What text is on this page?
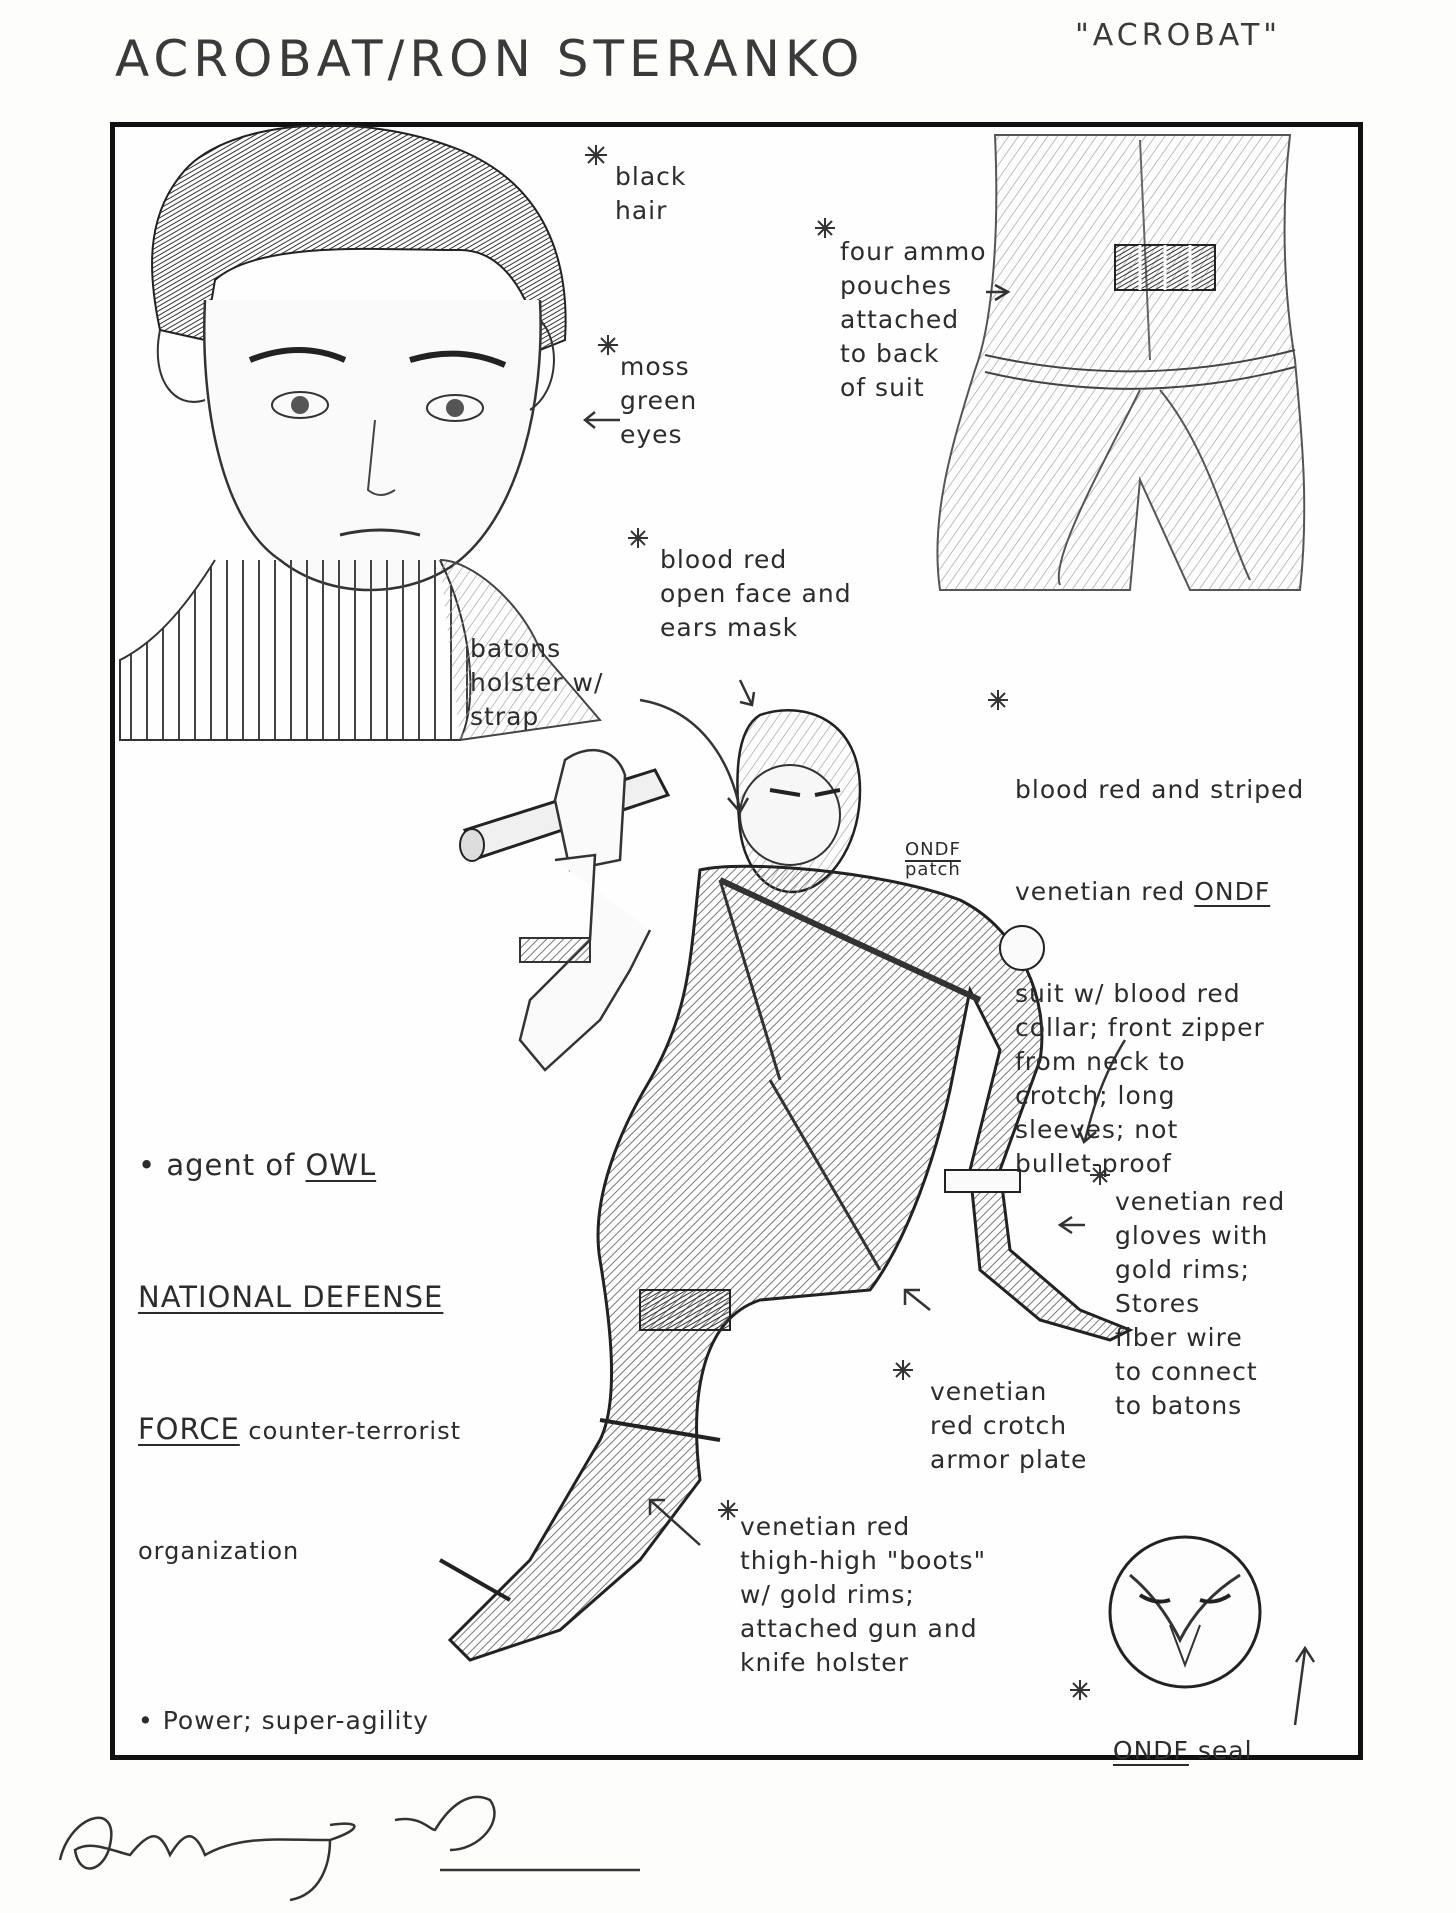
ACROBAT/RON STERANKO	"ACROBAT"
black
hair
moss
green
eyes
four ammo
pouches
attached
to back
of suit
blood red
open face and
ears mask
batons
holster w/
strap

blood red and striped

venetian red ONDF

suit w/ blood red
collar; front zipper
from neck to
crotch; long
sleeves; not
bullet-proof

ONDF
patch
venetian red
gloves with
gold rims;
Stores
fiber wire
to connect
to batons
venetian
red crotch
armor plate
venetian red
thigh-high "boots"
w/ gold rims;
attached gun and
knife holster

ONDF seal

• agent of OWL

NATIONAL DEFENSE

FORCE counter-terrorist

organization

• Power; super-agility
